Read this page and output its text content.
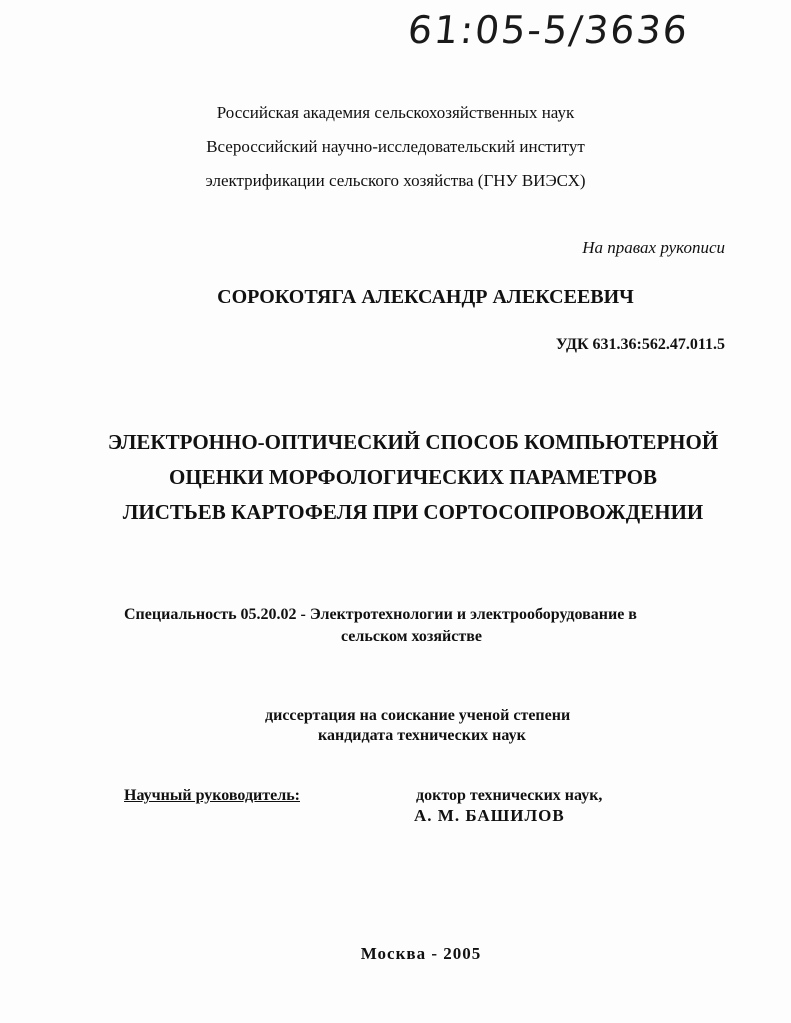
61:05-5/3636
Российская академия сельскохозяйственных наук
Всероссийский научно-исследовательский институт
электрификации сельского хозяйства (ГНУ ВИЭСХ)
На правах рукописи
СОРОКОТЯГА АЛЕКСАНДР АЛЕКСЕЕВИЧ
УДК 631.36:562.47.011.5
ЭЛЕКТРОННО-ОПТИЧЕСКИЙ СПОСОБ КОМПЬЮТЕРНОЙ
ОЦЕНКИ МОРФОЛОГИЧЕСКИХ ПАРАМЕТРОВ
ЛИСТЬЕВ КАРТОФЕЛЯ ПРИ СОРТОСОПРОВОЖДЕНИИ
Специальность 05.20.02 - Электротехнологии и электрооборудование в
сельском хозяйстве
диссертация на соискание ученой степени
кандидата технических наук
Научный руководитель:	доктор технических наук,
А. М. БАШИЛОВ
Москва - 2005
